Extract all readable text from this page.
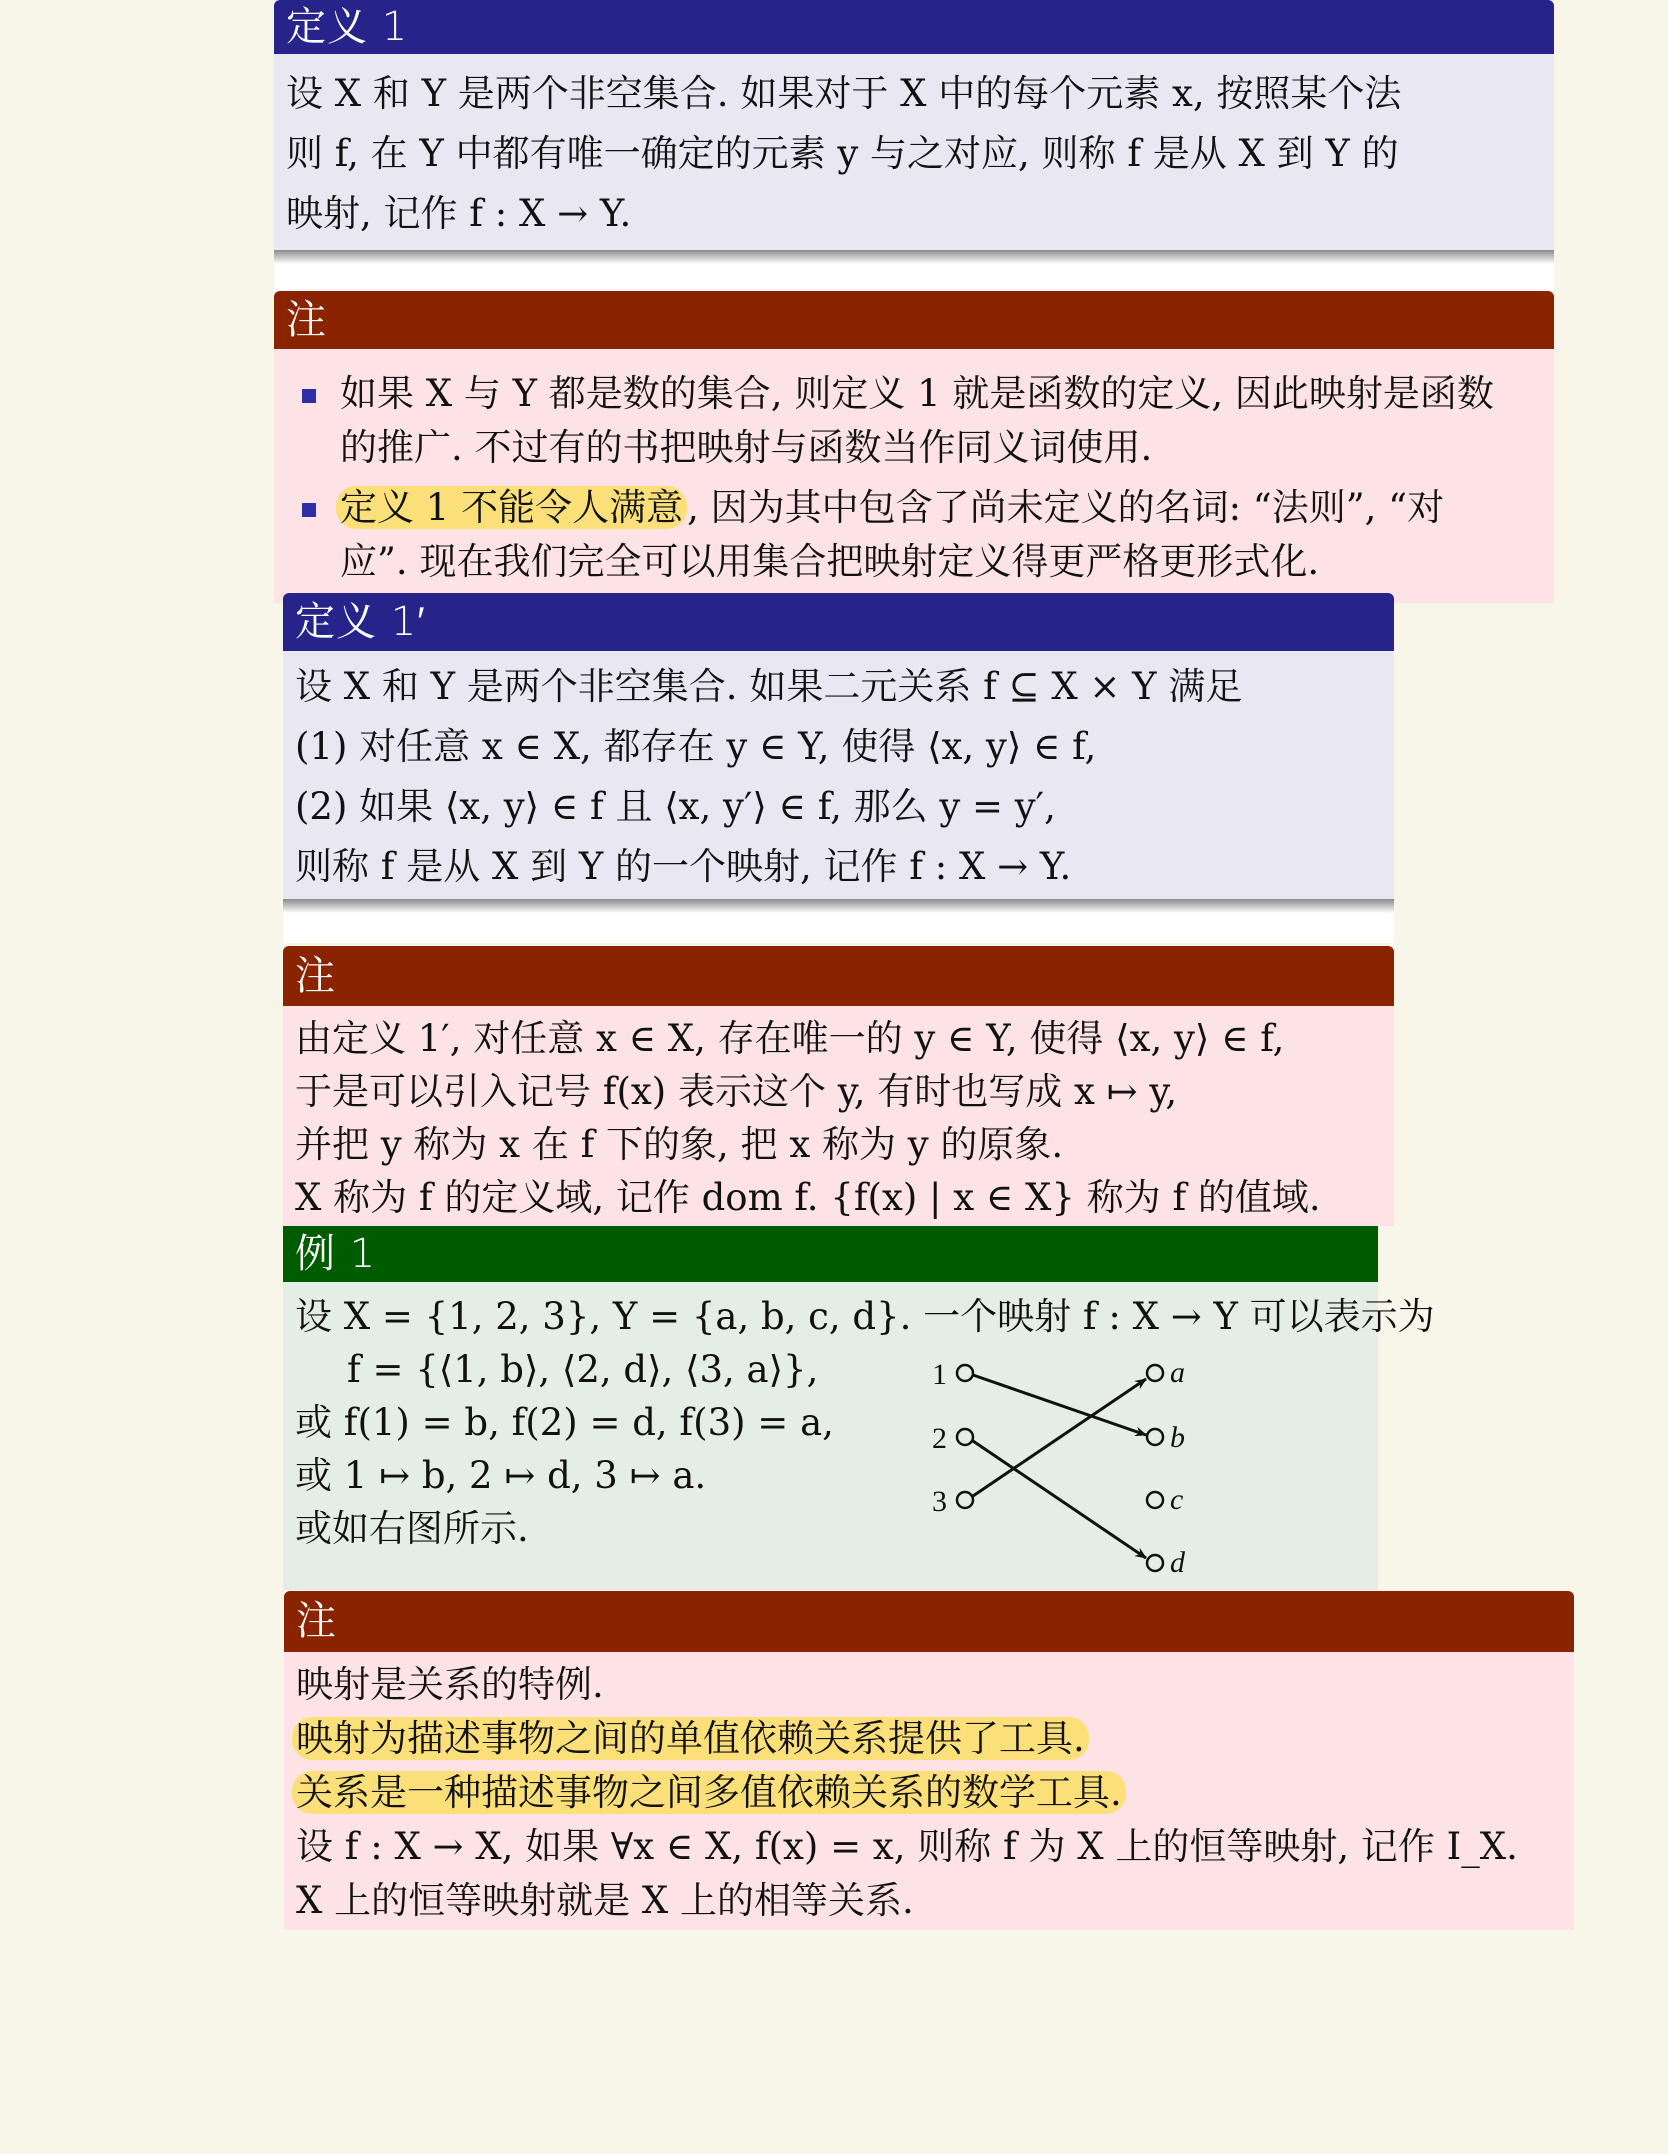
定义 1
设 X 和 Y 是两个非空集合. 如果对于 X 中的每个元素 x, 按照某个法
则 f, 在 Y 中都有唯一确定的元素 y 与之对应, 则称 f 是从 X 到 Y 的
映射, 记作 f : X → Y.
注
如果 X 与 Y 都是数的集合, 则定义 1 就是函数的定义, 因此映射是函数的推广. 不过有的书把映射与函数当作同义词使用.
定义 1 不能令人满意 , 因为其中包含了尚未定义的名词: “法则”, “对应”. 现在我们完全可以用集合把映射定义得更严格更形式化.
定义 1′
设 X 和 Y 是两个非空集合. 如果二元关系 f ⊆ X × Y 满足
(1) 对任意 x ∈ X, 都存在 y ∈ Y, 使得 ⟨x, y⟩ ∈ f,
(2) 如果 ⟨x, y⟩ ∈ f 且 ⟨x, y′⟩ ∈ f, 那么 y = y′,
则称 f 是从 X 到 Y 的一个映射, 记作 f : X → Y.
注
由定义 1′, 对任意 x ∈ X, 存在唯一的 y ∈ Y, 使得 ⟨x, y⟩ ∈ f,
于是可以引入记号 f(x) 表示这个 y, 有时也写成 x ↦ y,
并把 y 称为 x 在 f 下的象, 把 x 称为 y 的原象.
X 称为 f 的定义域, 记作 dom f. {f(x) | x ∈ X} 称为 f 的值域.
例 1
设 X = {1, 2, 3}, Y = {a, b, c, d}. 一个映射 f : X → Y 可以表示为
f = {⟨1, b⟩, ⟨2, d⟩, ⟨3, a⟩},
或 f(1) = b, f(2) = d, f(3) = a,
或 1 ↦ b, 2 ↦ d, 3 ↦ a.
或如右图所示.
1
2
3
a
b
c
d
注
映射是关系的特例.
映射为描述事物之间的单值依赖关系提供了工具.
关系是一种描述事物之间多值依赖关系的数学工具.
设 f : X → X, 如果 ∀x ∈ X, f(x) = x, 则称 f 为 X 上的恒等映射, 记作 I_X.
X 上的恒等映射就是 X 上的相等关系.
